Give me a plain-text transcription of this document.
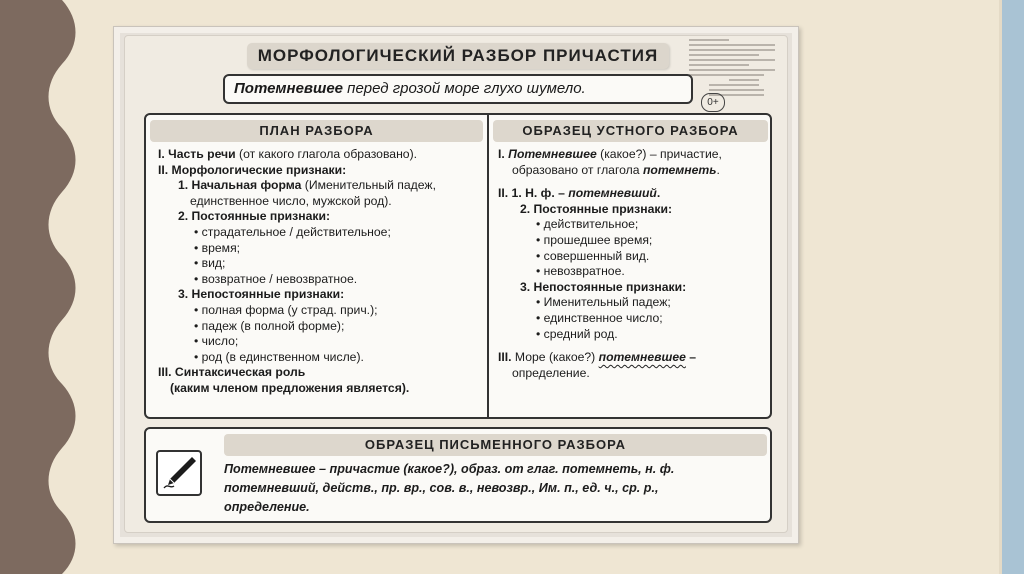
МОРФОЛОГИЧЕСКИЙ РАЗБОР ПРИЧАСТИЯ
Потемневшее перед грозой море глухо шумело.
0+
ПЛАН РАЗБОРА	ОБРАЗЕЦ УСТНОГО РАЗБОРА
I. Часть речи (от какого глагола образовано).
II. Морфологические признаки:
1. Начальная форма (Именительный падеж,
единственное число, мужской род).
2. Постоянные признаки:
• страдательное / действительное;
• время;
• вид;
• возвратное / невозвратное.
3. Непостоянные признаки:
• полная форма (у страд. прич.);
• падеж (в полной форме);
• число;
• род (в единственном числе).
III. Синтаксическая роль
(каким членом предложения является).
I. Потемневшее (какое?) – причастие,
образовано от глагола потемнеть.
II. 1. Н. ф. – потемневший.
2. Постоянные признаки:
• действительное;
• прошедшее время;
• совершенный вид.
• невозвратное.
3. Непостоянные признаки:
• Именительный падеж;
• единственное число;
• средний род.
III. Море (какое?) потемневшее –
определение.
ОБРАЗЕЦ ПИСЬМЕННОГО РАЗБОРА
Потемневшее – причастие (какое?), образ. от глаг. потемнеть, н. ф.
потемневший, действ., пр. вр., сов. в., невозвр., Им. п., ед. ч., ср. р.,
определение.
